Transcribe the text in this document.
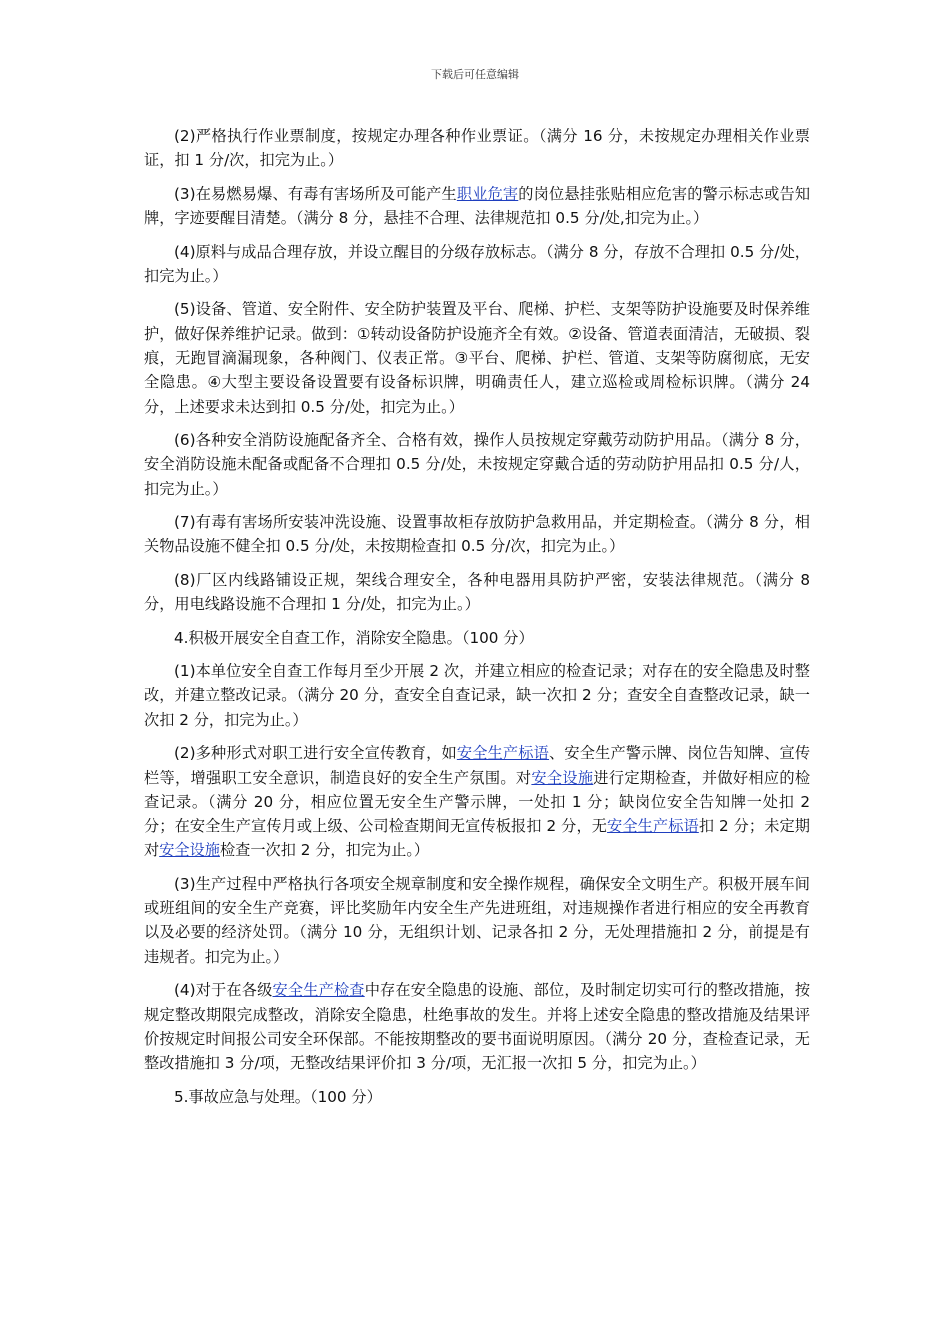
下载后可任意编辑

(2)严格执行作业票制度，按规定办理各种作业票证。（满分 16 分，未按规定办理相关作业票证，扣 1 分/次，扣完为止。）

(3)在易燃易爆、有毒有害场所及可能产生职业危害的岗位悬挂张贴相应危害的警示标志或告知牌，字迹要醒目清楚。（满分 8 分，悬挂不合理、法律规范扣 0.5 分/处,扣完为止。）

(4)原料与成品合理存放，并设立醒目的分级存放标志。（满分 8 分，存放不合理扣 0.5 分/处，扣完为止。）

(5)设备、管道、安全附件、安全防护装置及平台、爬梯、护栏、支架等防护设施要及时保养维护，做好保养维护记录。做到：①转动设备防护设施齐全有效。②设备、管道表面清洁，无破损、裂痕，无跑冒滴漏现象，各种阀门、仪表正常。③平台、爬梯、护栏、管道、支架等防腐彻底，无安全隐患。④大型主要设备设置要有设备标识牌，明确责任人，建立巡检或周检标识牌。（满分 24 分，上述要求未达到扣 0.5 分/处，扣完为止。）

(6)各种安全消防设施配备齐全、合格有效，操作人员按规定穿戴劳动防护用品。（满分 8 分，安全消防设施未配备或配备不合理扣 0.5 分/处，未按规定穿戴合适的劳动防护用品扣 0.5 分/人，扣完为止。）

(7)有毒有害场所安装冲洗设施、设置事故柜存放防护急救用品，并定期检查。（满分 8 分，相关物品设施不健全扣 0.5 分/处，未按期检查扣 0.5 分/次，扣完为止。）

(8)厂区内线路铺设正规，架线合理安全，各种电器用具防护严密，安装法律规范。（满分 8 分，用电线路设施不合理扣 1 分/处，扣完为止。）

4.积极开展安全自查工作，消除安全隐患。（100 分）

(1)本单位安全自查工作每月至少开展 2 次，并建立相应的检查记录；对存在的安全隐患及时整改，并建立整改记录。（满分 20 分，查安全自查记录，缺一次扣 2 分；查安全自查整改记录，缺一次扣 2 分，扣完为止。）

(2)多种形式对职工进行安全宣传教育，如安全生产标语、安全生产警示牌、岗位告知牌、宣传栏等，增强职工安全意识，制造良好的安全生产氛围。对安全设施进行定期检查，并做好相应的检查记录。（满分 20 分，相应位置无安全生产警示牌，一处扣 1 分；缺岗位安全告知牌一处扣 2 分；在安全生产宣传月或上级、公司检查期间无宣传板报扣 2 分，无安全生产标语扣 2 分；未定期对安全设施检查一次扣 2 分，扣完为止。）

(3)生产过程中严格执行各项安全规章制度和安全操作规程，确保安全文明生产。积极开展车间或班组间的安全生产竞赛，评比奖励年内安全生产先进班组，对违规操作者进行相应的安全再教育以及必要的经济处罚。（满分 10 分，无组织计划、记录各扣 2 分，无处理措施扣 2 分，前提是有违规者。扣完为止。）

(4)对于在各级安全生产检查中存在安全隐患的设施、部位，及时制定切实可行的整改措施，按规定整改期限完成整改，消除安全隐患，杜绝事故的发生。并将上述安全隐患的整改措施及结果评价按规定时间报公司安全环保部。不能按期整改的要书面说明原因。（满分 20 分，查检查记录，无整改措施扣 3 分/项，无整改结果评价扣 3 分/项，无汇报一次扣 5 分，扣完为止。）

5.事故应急与处理。（100 分）
